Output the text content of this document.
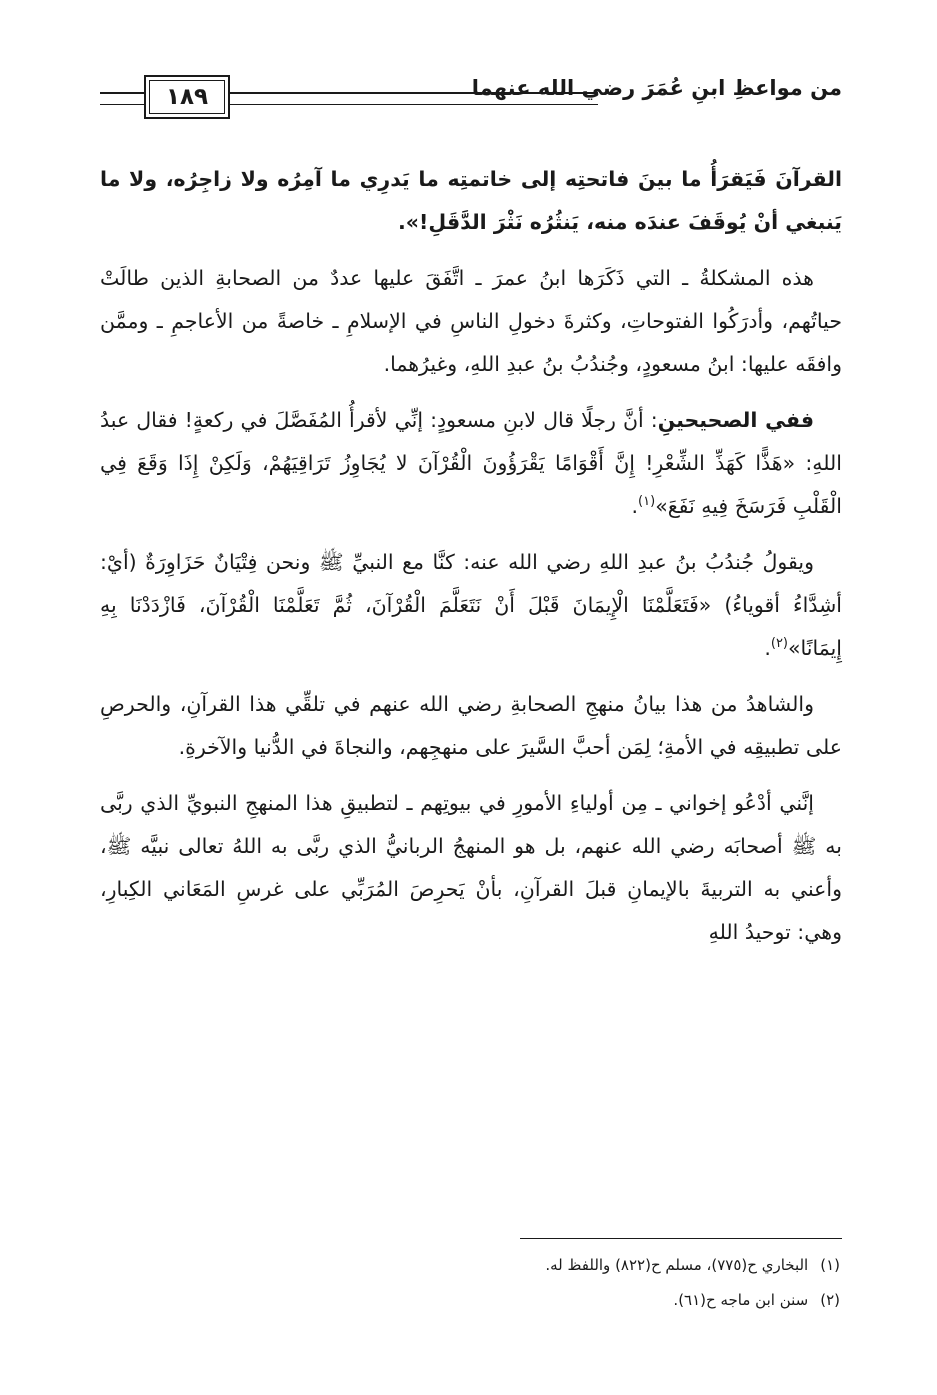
من مواعظِ ابنِ عُمَرَ رضي الله عنهما
١٨٩

القرآنَ فَيَقرَأُ ما بينَ فاتحتِه إلى خاتمتِه ما يَدرِي ما آمِرُه ولا زاجِرُه، ولا ما يَنبغي أنْ يُوقَفَ عندَه منه، يَنثُرُه نَثْرَ الدَّقَلِ!».

هذه المشكلةُ ـ التي ذَكَرَها ابنُ عمرَ ـ اتَّفَقَ عليها عددٌ من الصحابةِ الذين طالَتْ حياتُهم، وأدرَكُوا الفتوحاتِ، وكثرةَ دخولِ الناسِ في الإسلامِ ـ خاصةً من الأعاجمِ ـ وممَّن وافقَه عليها: ابنُ مسعودٍ، وجُندُبُ بنُ عبدِ اللهِ، وغيرُهما.

ففي الصحيحينِ: أنَّ رجلًا قال لابنِ مسعودٍ: إنِّي لأقرأُ المُفَصَّلَ في ركعةٍ! فقال عبدُ اللهِ: «هَذًّا كَهَذِّ الشِّعْرِ! إِنَّ أَقْوَامًا يَقْرَؤُونَ الْقُرْآنَ لا يُجَاوِزُ تَرَاقِيَهُمْ، وَلَكِنْ إِذَا وَقَعَ فِي الْقَلْبِ فَرَسَخَ فِيهِ نَفَعَ»$^{(١)}$.

ويقولُ جُندُبُ بنُ عبدِ اللهِ رضي الله عنه: كنَّا مع النبيِّ ﷺ ونحن فِتْيَانٌ حَزَاوِرَةٌ (أيْ: أشِدَّاءُ أقوياءُ) «فَتَعَلَّمْنَا الْإِيمَانَ قَبْلَ أَنْ نَتَعَلَّمَ الْقُرْآنَ، ثُمَّ تَعَلَّمْنَا الْقُرْآنَ، فَازْدَدْنَا بِهِ إِيمَانًا»$^{(٢)}$.

والشاهدُ من هذا بيانُ منهجِ الصحابةِ رضي الله عنهم في تلقِّي هذا القرآنِ، والحرصِ على تطبيقِه في الأمةِ؛ لِمَن أحبَّ السَّيرَ على منهجِهم، والنجاةَ في الدُّنيا والآخرةِ.

إنَّني أدْعُو إخواني ـ مِن أولياءِ الأمورِ في بيوتِهم ـ لتطبيقِ هذا المنهجِ النبويِّ الذي ربَّى به ﷺ أصحابَه رضي الله عنهم، بل هو المنهجُ الربانيُّ الذي ربَّى به اللهُ تعالى نبيَّه ﷺ، وأعني به التربيةَ بالإيمانِ قبلَ القرآنِ، بأنْ يَحرِصَ المُرَبِّي على غرسِ المَعَاني الكِبارِ، وهي: توحيدُ اللهِ

(١)البخاري ح(٧٧٥)، مسلم ح(٨٢٢) واللفظ له.
(٢)سنن ابن ماجه ح(٦١).
